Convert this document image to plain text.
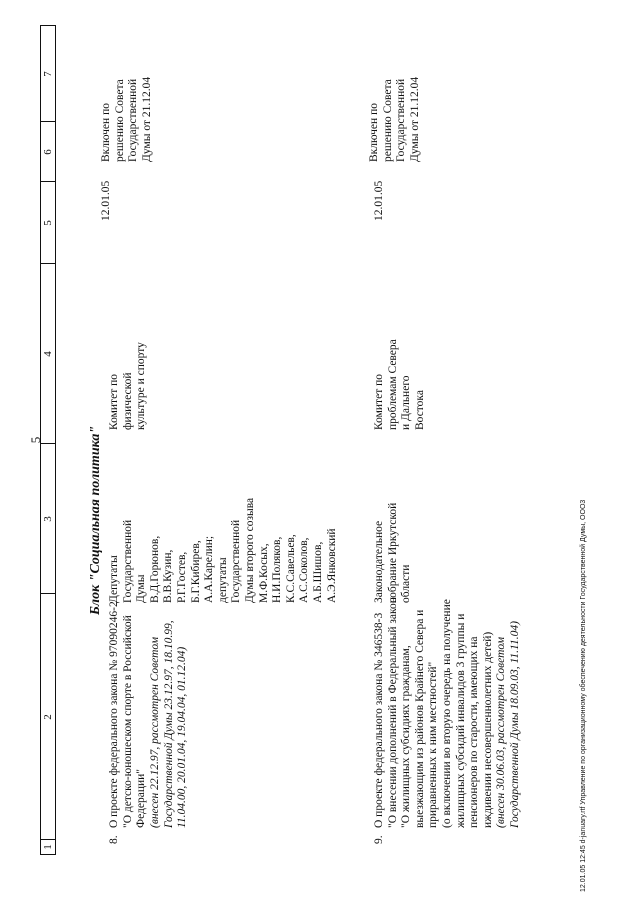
5
1
2
3
4
5
6
7
Блок "Социальная политика"
8.
О проекте федерального закона № 97090246-2
"О детско-юношеском спорте в Российской
Федерации" (внесен 22.12.97, рассмотрен Советом
Государственной Думы 23.12.97, 18.10.99,
11.04.00, 20.01.04, 19.04.04, 01.12.04)
Депутаты
Государственной
Думы
В.Д.Горюнов,
В.В.Кузин,
Р.Г.Гостев,
Б.Г.Кибирев,
А.А.Карелин;
депутаты
Государственной
Думы второго созыва
М.Ф.Косых,
Н.И.Поляков,
К.С.Савельев,
А.С.Соколов,
А.Б.Шишов,
А.Э.Янковский
Комитет по
физической
культуре и спорту
12.01.05
Включен по
решению Совета
Государственной
Думы от 21.12.04
9.
О проекте федерального закона № 346538-3
"О внесении дополнений в Федеральный закон
"О жилищных субсидиях гражданам,
выезжающим из районов Крайнего Севера и
приравненных к ним местностей"
(о включении во вторую очередь на получение
жилищных субсидий инвалидов 3 группы и
пенсионеров по старости, имеющих на
иждивении несовершеннолетних детей)
(внесен 30.06.03, рассмотрен Советом
Государственной Думы 18.09.03, 11.11.04)
Законодательное
собрание Иркутской
области
Комитет по
проблемам Севера
и Дальнего
Востока
12.01.05
Включен по
решению Совета
Государственной
Думы от 21.12.04
12.01.05 12:45 d-january.rtf Управление по организационному обеспечению деятельности Государственной Думы, ООО3
